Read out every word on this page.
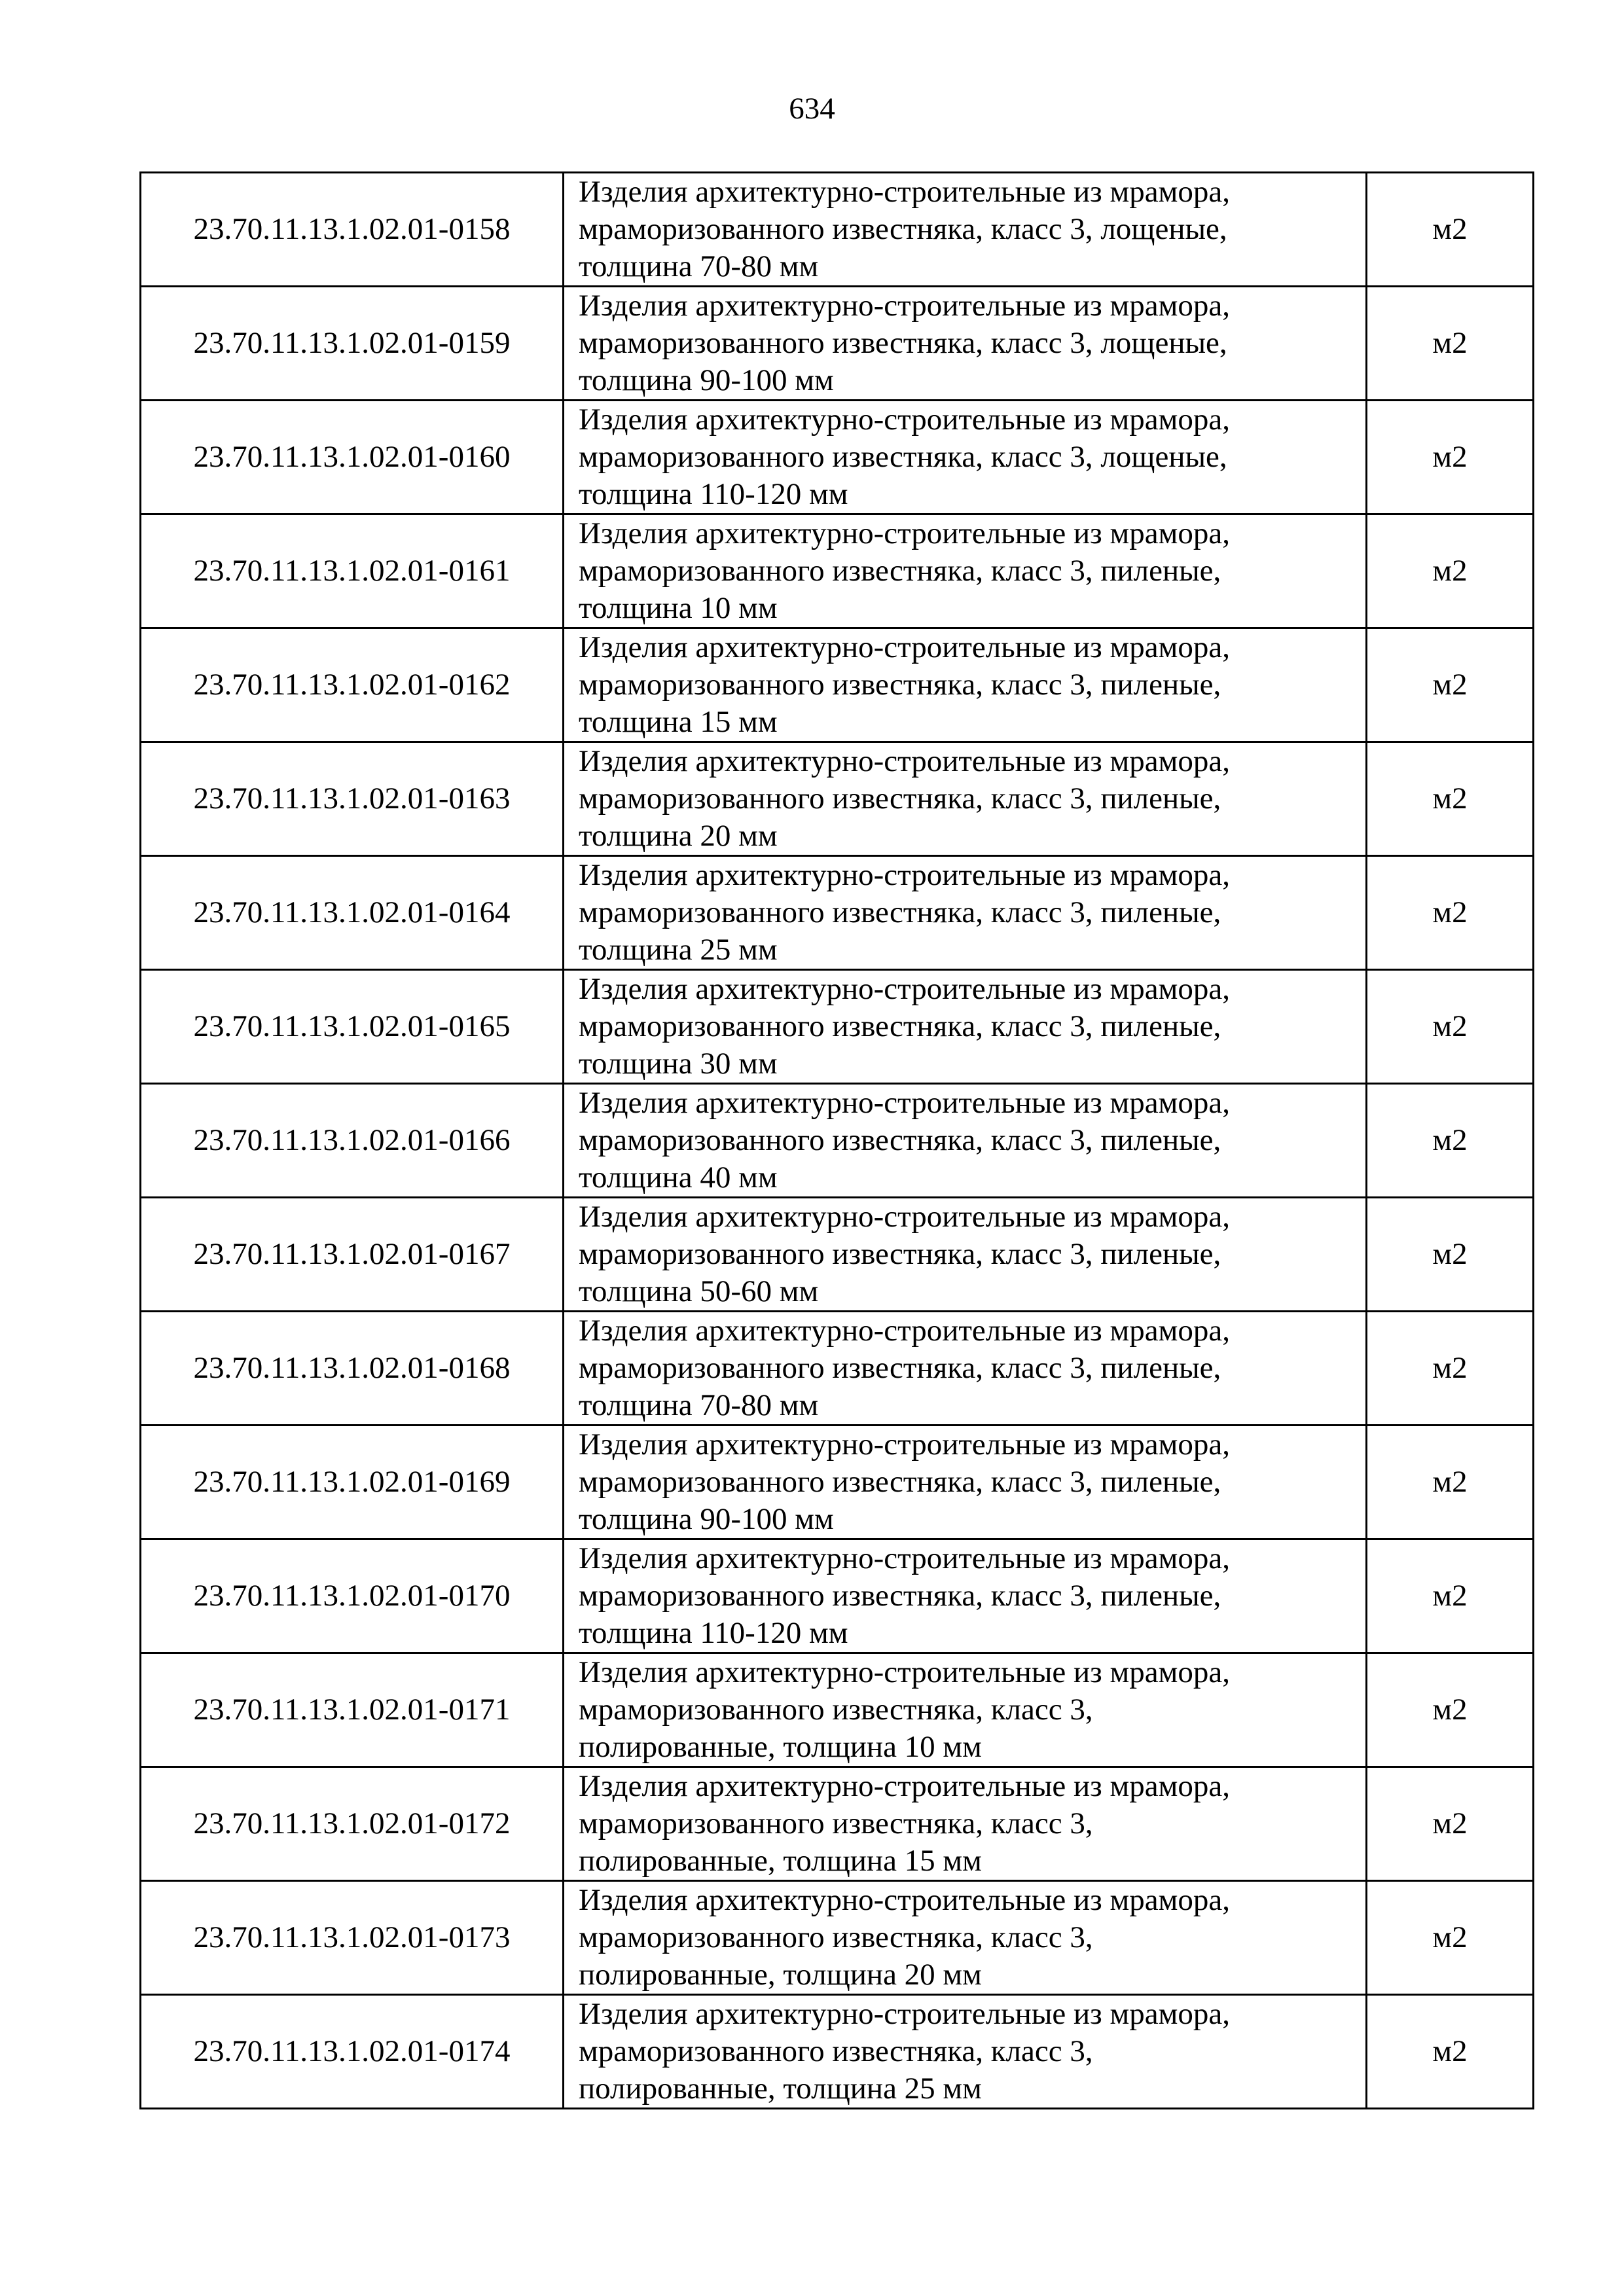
634
23.70.11.13.1.02.01-0158	Изделия архитектурно-строительные из мрамора,
мраморизованного известняка, класс 3, лощеные,
толщина 70-80 мм	м2
23.70.11.13.1.02.01-0159	Изделия архитектурно-строительные из мрамора,
мраморизованного известняка, класс 3, лощеные,
толщина 90-100 мм	м2
23.70.11.13.1.02.01-0160	Изделия архитектурно-строительные из мрамора,
мраморизованного известняка, класс 3, лощеные,
толщина 110-120 мм	м2
23.70.11.13.1.02.01-0161	Изделия архитектурно-строительные из мрамора,
мраморизованного известняка, класс 3, пиленые,
толщина 10 мм	м2
23.70.11.13.1.02.01-0162	Изделия архитектурно-строительные из мрамора,
мраморизованного известняка, класс 3, пиленые,
толщина 15 мм	м2
23.70.11.13.1.02.01-0163	Изделия архитектурно-строительные из мрамора,
мраморизованного известняка, класс 3, пиленые,
толщина 20 мм	м2
23.70.11.13.1.02.01-0164	Изделия архитектурно-строительные из мрамора,
мраморизованного известняка, класс 3, пиленые,
толщина 25 мм	м2
23.70.11.13.1.02.01-0165	Изделия архитектурно-строительные из мрамора,
мраморизованного известняка, класс 3, пиленые,
толщина 30 мм	м2
23.70.11.13.1.02.01-0166	Изделия архитектурно-строительные из мрамора,
мраморизованного известняка, класс 3, пиленые,
толщина 40 мм	м2
23.70.11.13.1.02.01-0167	Изделия архитектурно-строительные из мрамора,
мраморизованного известняка, класс 3, пиленые,
толщина 50-60 мм	м2
23.70.11.13.1.02.01-0168	Изделия архитектурно-строительные из мрамора,
мраморизованного известняка, класс 3, пиленые,
толщина 70-80 мм	м2
23.70.11.13.1.02.01-0169	Изделия архитектурно-строительные из мрамора,
мраморизованного известняка, класс 3, пиленые,
толщина 90-100 мм	м2
23.70.11.13.1.02.01-0170	Изделия архитектурно-строительные из мрамора,
мраморизованного известняка, класс 3, пиленые,
толщина 110-120 мм	м2
23.70.11.13.1.02.01-0171	Изделия архитектурно-строительные из мрамора,
мраморизованного известняка, класс 3,
полированные, толщина 10 мм	м2
23.70.11.13.1.02.01-0172	Изделия архитектурно-строительные из мрамора,
мраморизованного известняка, класс 3,
полированные, толщина 15 мм	м2
23.70.11.13.1.02.01-0173	Изделия архитектурно-строительные из мрамора,
мраморизованного известняка, класс 3,
полированные, толщина 20 мм	м2
23.70.11.13.1.02.01-0174	Изделия архитектурно-строительные из мрамора,
мраморизованного известняка, класс 3,
полированные, толщина 25 мм	м2
